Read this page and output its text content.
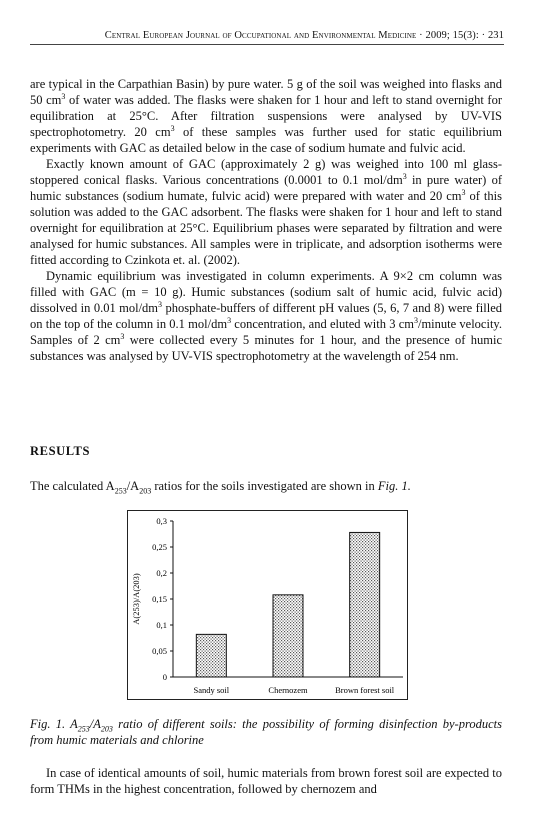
Central European Journal of Occupational and Environmental Medicine · 2009; 15(3): · 231

are typical in the Carpathian Basin) by pure water. 5 g of the soil was weighed into flasks and 50 $cm^3$ of water was added. The flasks were shaken for 1 hour and left to stand overnight for equilibration at 25°C. After filtration suspensions were analysed by UV-VIS spectrophotometry. 20 $cm^3$ of these samples was further used for static equilibrium experiments with GAC as detailed below in the case of sodium humate and fulvic acid.

Exactly known amount of GAC (approximately 2 g) was weighed into 100 ml glass-stoppered conical flasks. Various concentrations (0.0001 to 0.1 mol/$dm^3$ in pure water) of humic substances (sodium humate, fulvic acid) were prepared with water and 20 $cm^3$ of this solution was added to the GAC adsorbent. The flasks were shaken for 1 hour and left to stand overnight for equilibration at 25°C. Equilibrium phases were separated by filtration and were analysed for humic substances. All samples were in triplicate, and adsorption isotherms were fitted according to Czinkota et. al. (2002).

Dynamic equilibrium was investigated in column experiments. A 9×2 cm column was filled with GAC (m = 10 g). Humic substances (sodium salt of humic acid, fulvic acid) dissolved in 0.01 mol/$dm^3$ phosphate-buffers of different pH values (5, 6, 7 and 8) were filled on the top of the column in 0.1 mol/$dm^3$ concentration, and eluted with 3 $cm^3$/minute velocity. Samples of 2 $cm^3$ were collected every 5 minutes for 1 hour, and the presence of humic substances was analysed by UV-VIS spectrophotometry at the wavelength of 254 nm.

RESULTS
The calculated $A_{253}/A_{203}$ ratios for the soils investigated are shown in Fig. 1.
0
0,05
0,1
0,15
0,2
0,25
0,3
Sandy soil	Chernozem	Brown forest soil
A(253)/A(203)
Fig. 1. $A_{253}/A_{203}$ ratio of different soils: the possibility of forming disinfection by-products from humic materials and chlorine
In case of identical amounts of soil, humic materials from brown forest soil are expected to form THMs in the highest concentration, followed by chernozem and
